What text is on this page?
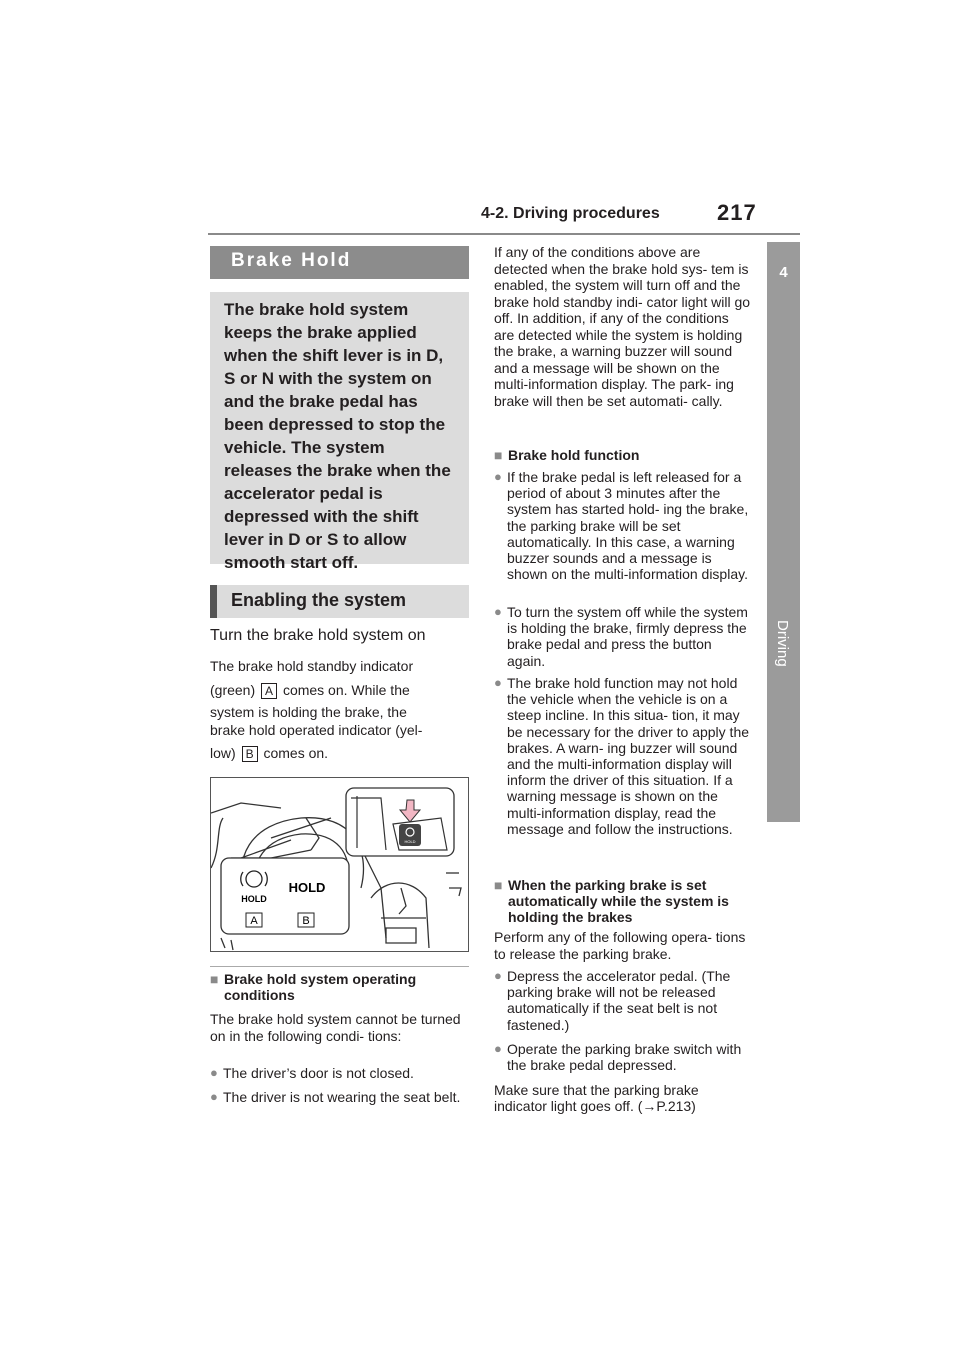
4-2. Driving procedures	217
4
Driving
Brake Hold

The brake hold system keeps the brake applied when the shift lever is in D, S or N with the system on and the brake pedal has been depressed to stop the vehicle. The system releases the brake when the accelerator pedal is depressed with the shift lever in D or S to allow smooth start off.

Enabling the system
Turn the brake hold system on
The brake hold standby indicator
(green) A comes on. While the
system is holding the brake, the
brake hold operated indicator (yel-
low) B comes on.
HOLD
HOLD
HOLD
A	B
■ Brake hold system operating conditions
The brake hold system cannot be turned on in the following condi- tions:
● The driver’s door is not closed.
● The driver is not wearing the seat belt.
If any of the conditions above are detected when the brake hold sys- tem is enabled, the system will turn off and the brake hold standby indi- cator light will go off. In addition, if any of the conditions are detected while the system is holding the brake, a warning buzzer will sound and a message will be shown on the multi-information display. The park- ing brake will then be set automati- cally.
■ Brake hold function
● If the brake pedal is left released for a period of about 3 minutes after the system has started hold- ing the brake, the parking brake will be set automatically. In this case, a warning buzzer sounds and a message is shown on the multi-information display.
● To turn the system off while the system is holding the brake, firmly depress the brake pedal and press the button again.
● The brake hold function may not hold the vehicle when the vehicle is on a steep incline. In this situa- tion, it may be necessary for the driver to apply the brakes. A warn- ing buzzer will sound and the multi-information display will inform the driver of this situation. If a warning message is shown on the multi-information display, read the message and follow the instructions.
■ When the parking brake is set automatically while the system is holding the brakes
Perform any of the following opera- tions to release the parking brake.
● Depress the accelerator pedal. (The parking brake will not be released automatically if the seat belt is not fastened.)
● Operate the parking brake switch with the brake pedal depressed.
Make sure that the parking brake
indicator light goes off. (→P.213)
